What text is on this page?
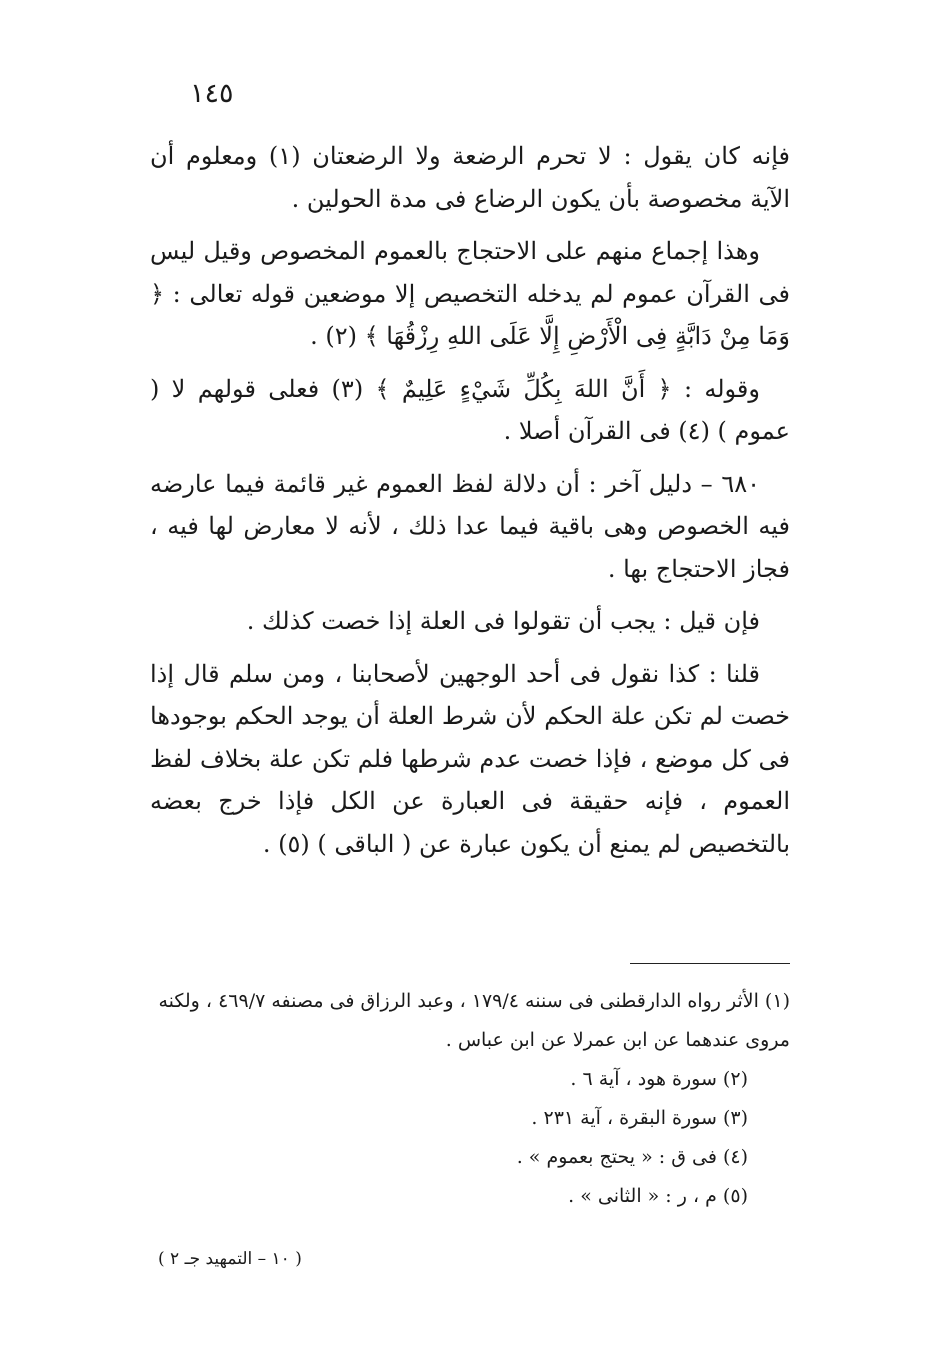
١٤٥

فإنه كان يقول : لا تحرم الرضعة ولا الرضعتان (١) ومعلوم أن الآية مخصوصة بأن يكون الرضاع فى مدة الحولين .

وهذا إجماع منهم على الاحتجاج بالعموم المخصوص وقيل ليس فى القرآن عموم لم يدخله التخصيص إلا موضعين قوله تعالى : ﴿ وَمَا مِنْ دَابَّةٍ فِى الْأَرْضِ إِلَّا عَلَى اللهِ رِزْقُهَا ﴾ (٢) .

وقوله : ﴿ أَنَّ اللهَ بِكُلِّ شَيْءٍ عَلِيمٌ ﴾ (٣) فعلى قولهم لا ( عموم ) (٤) فى القرآن أصلا .

٦٨٠ – دليل آخر : أن دلالة لفظ العموم غير قائمة فيما عارضه فيه الخصوص وهى باقية فيما عدا ذلك ، لأنه لا معارض لها فيه ، فجاز الاحتجاج بها .

فإن قيل : يجب أن تقولوا فى العلة إذا خصت كذلك .

قلنا : كذا نقول فى أحد الوجهين لأصحابنا ، ومن سلم قال إذا خصت لم تكن علة الحكم لأن شرط العلة أن يوجد الحكم بوجودها فى كل موضع ، فإذا خصت عدم شرطها فلم تكن علة بخلاف لفظ العموم ، فإنه حقيقة فى العبارة عن الكل فإذا خرج بعضه بالتخصيص لم يمنع أن يكون عبارة عن ( الباقى ) (٥) .

(١) الأثر رواه الدارقطنى فى سننه ١٧٩/٤ ، وعبد الرزاق فى مصنفه ٤٦٩/٧ ، ولكنه مروى عندهما عن ابن عمرلا عن ابن عباس .

(٢) سورة هود ، آية ٦ .

(٣) سورة البقرة ، آية ٢٣١ .

(٤) فى ق : « يحتج بعموم » .

(٥) م ، ر : « الثانى » .

( ١٠ – التمهيد جـ ٢ )
